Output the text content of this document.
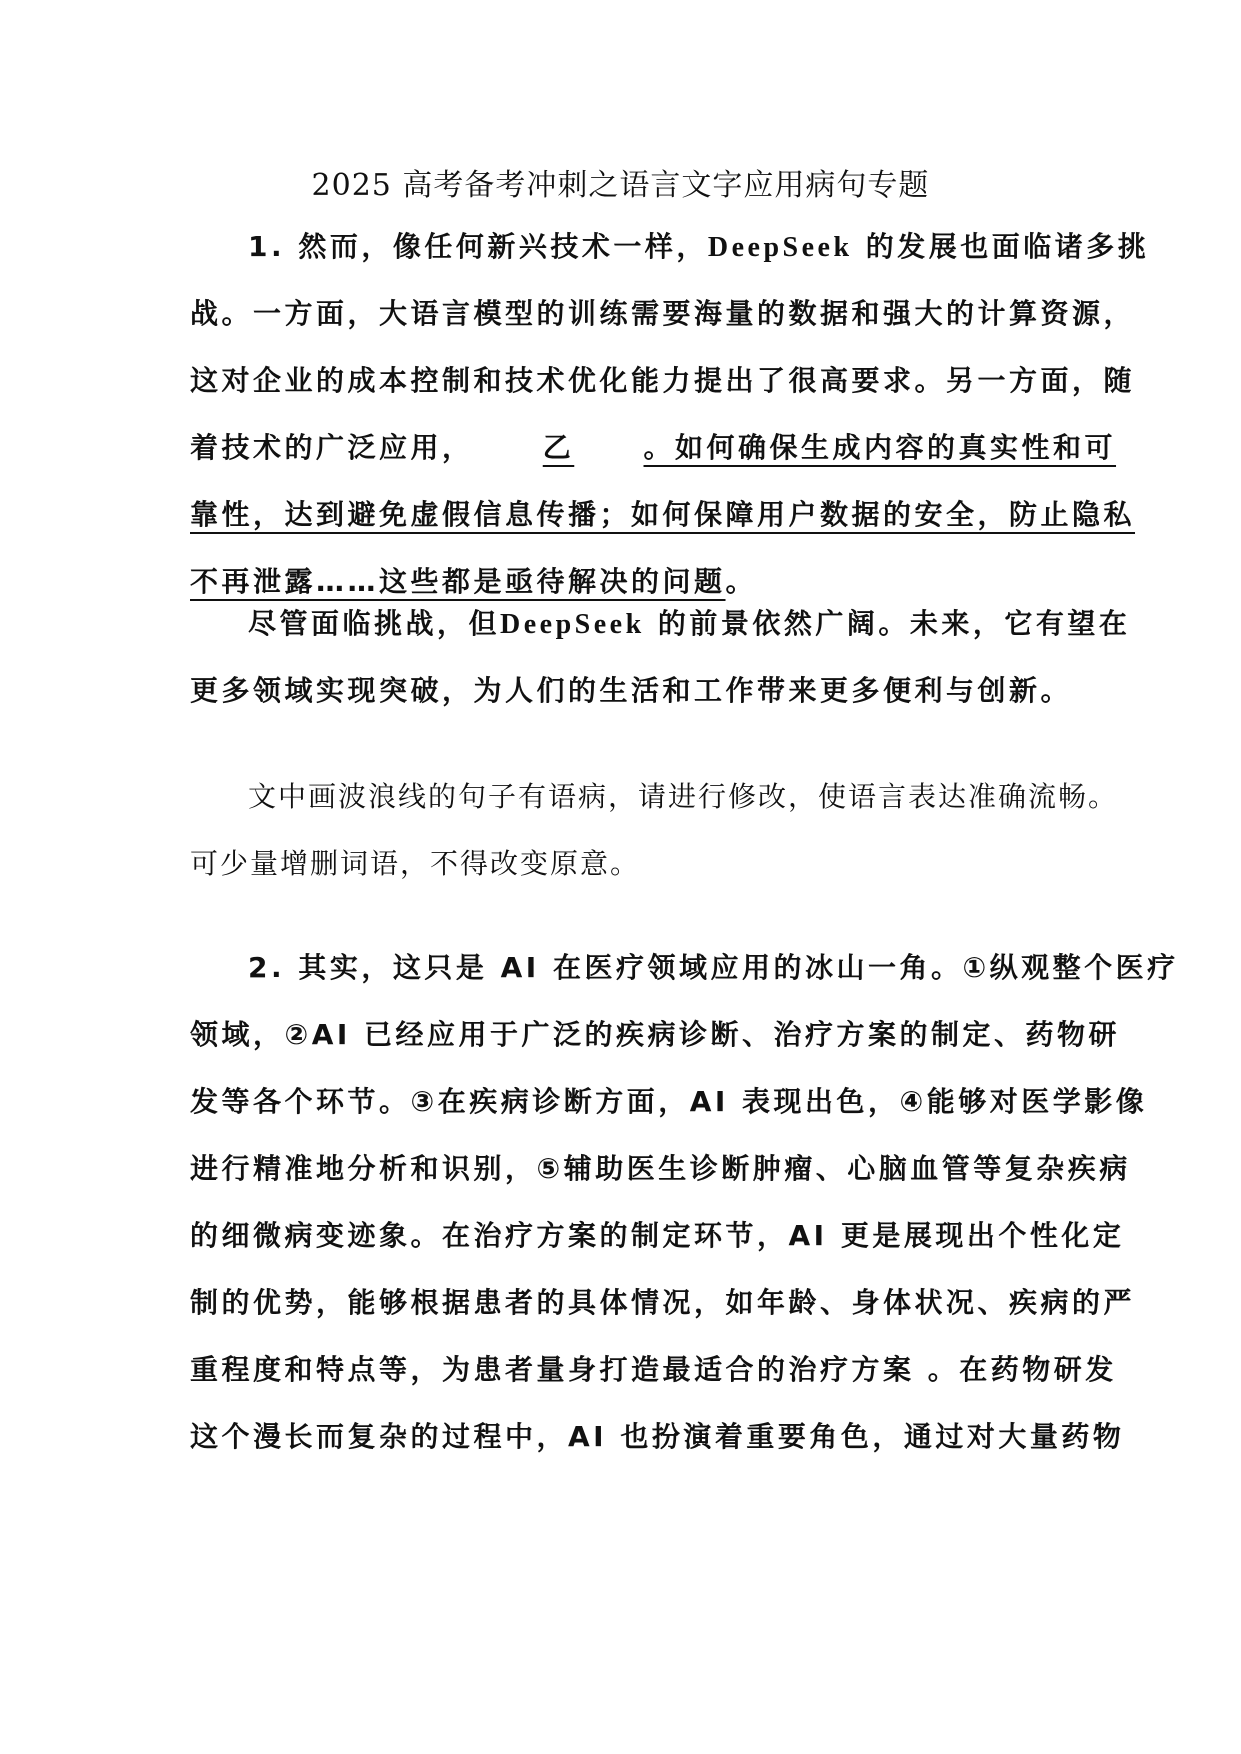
2025 高考备考冲刺之语言文字应用病句专题
1. 然而，像任何新兴技术一样，DeepSeek 的发展也面临诸多挑
战。一方面，大语言模型的训练需要海量的数据和强大的计算资源，
这对企业的成本控制和技术优化能力提出了很高要求。另一方面，随
着技术的广泛应用， 乙 。如何确保生成内容的真实性和可
靠性，达到避免虚假信息传播；如何保障用户数据的安全，防止隐私
不再泄露……这些都是亟待解决的问题。
尽管面临挑战，但DeepSeek 的前景依然广阔。未来，它有望在
更多领域实现突破，为人们的生活和工作带来更多便利与创新。
文中画波浪线的句子有语病，请进行修改，使语言表达准确流畅。
可少量增删词语，不得改变原意。
2. 其实，这只是 AI 在医疗领域应用的冰山一角。①纵观整个医疗
领域，②AI 已经应用于广泛的疾病诊断、治疗方案的制定、药物研
发等各个环节。③在疾病诊断方面，AI 表现出色，④能够对医学影像
进行精准地分析和识别，⑤辅助医生诊断肿瘤、心脑血管等复杂疾病
的细微病变迹象。在治疗方案的制定环节，AI 更是展现出个性化定
制的优势，能够根据患者的具体情况，如年龄、身体状况、疾病的严
重程度和特点等，为患者量身打造最适合的治疗方案 。在药物研发
这个漫长而复杂的过程中，AI 也扮演着重要角色，通过对大量药物
